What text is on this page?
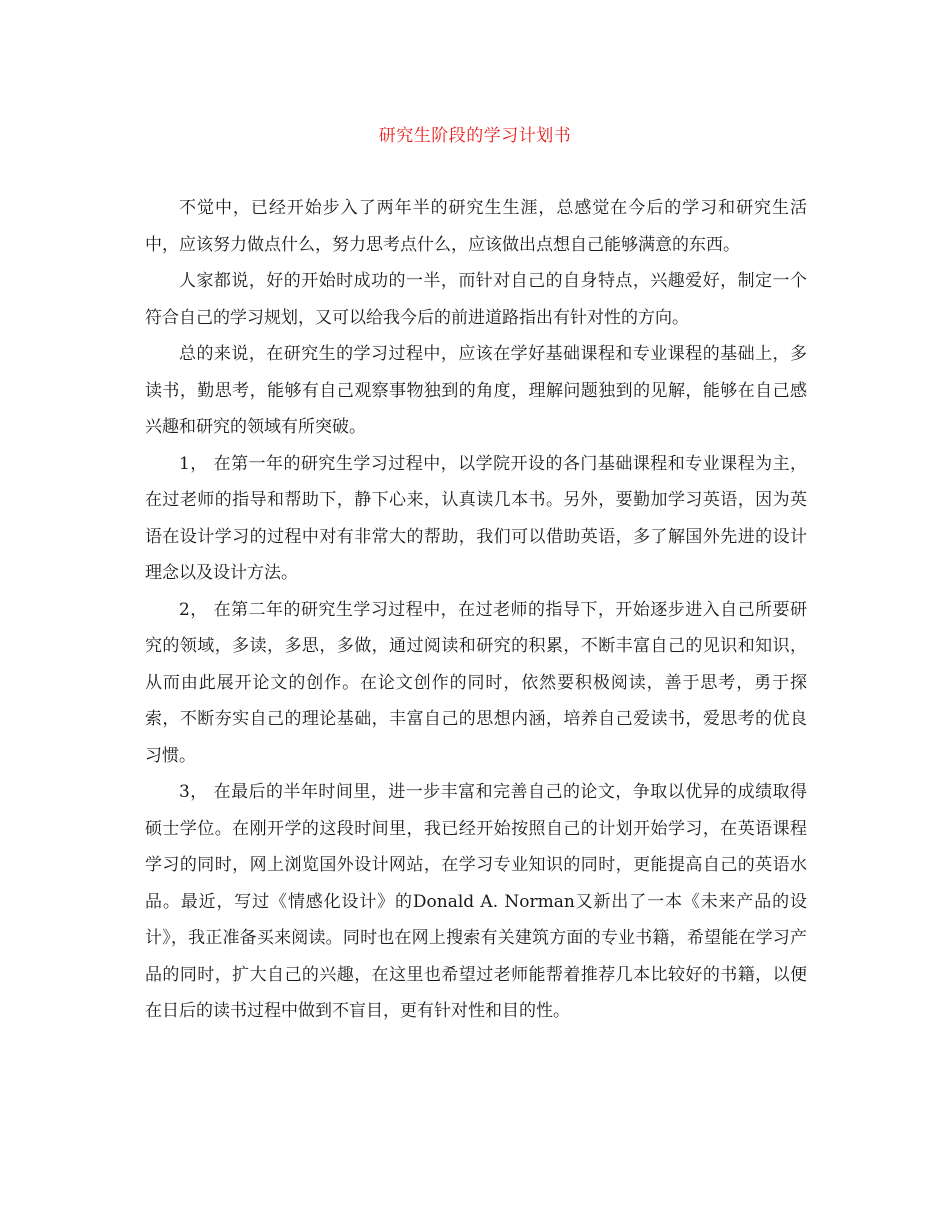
研究生阶段的学习计划书

不觉中，已经开始步入了两年半的研究生生涯，总感觉在今后的学习和研究生活中，应该努力做点什么，努力思考点什么，应该做出点想自己能够满意的东西。

人家都说，好的开始时成功的一半，而针对自己的自身特点，兴趣爱好，制定一个符合自己的学习规划，又可以给我今后的前进道路指出有针对性的方向。

总的来说，在研究生的学习过程中，应该在学好基础课程和专业课程的基础上，多读书，勤思考，能够有自己观察事物独到的角度，理解问题独到的见解，能够在自己感兴趣和研究的领域有所突破。

1， 在第一年的研究生学习过程中，以学院开设的各门基础课程和专业课程为主，在过老师的指导和帮助下，静下心来，认真读几本书。另外，要勤加学习英语，因为英语在设计学习的过程中对有非常大的帮助，我们可以借助英语，多了解国外先进的设计理念以及设计方法。

2， 在第二年的研究生学习过程中，在过老师的指导下，开始逐步进入自己所要研究的领域，多读，多思，多做，通过阅读和研究的积累，不断丰富自己的见识和知识，从而由此展开论文的创作。在论文创作的同时，依然要积极阅读，善于思考，勇于探索，不断夯实自己的理论基础，丰富自己的思想内涵，培养自己爱读书，爱思考的优良习惯。

3， 在最后的半年时间里，进一步丰富和完善自己的论文，争取以优异的成绩取得硕士学位。在刚开学的这段时间里，我已经开始按照自己的计划开始学习，在英语课程学习的同时，网上浏览国外设计网站，在学习专业知识的同时，更能提高自己的英语水品。最近，写过《情感化设计》的Donald A. Norman又新出了一本《未来产品的设计》，我正准备买来阅读。同时也在网上搜索有关建筑方面的专业书籍，希望能在学习产品的同时，扩大自己的兴趣，在这里也希望过老师能帮着推荐几本比较好的书籍，以便在日后的读书过程中做到不盲目，更有针对性和目的性。
